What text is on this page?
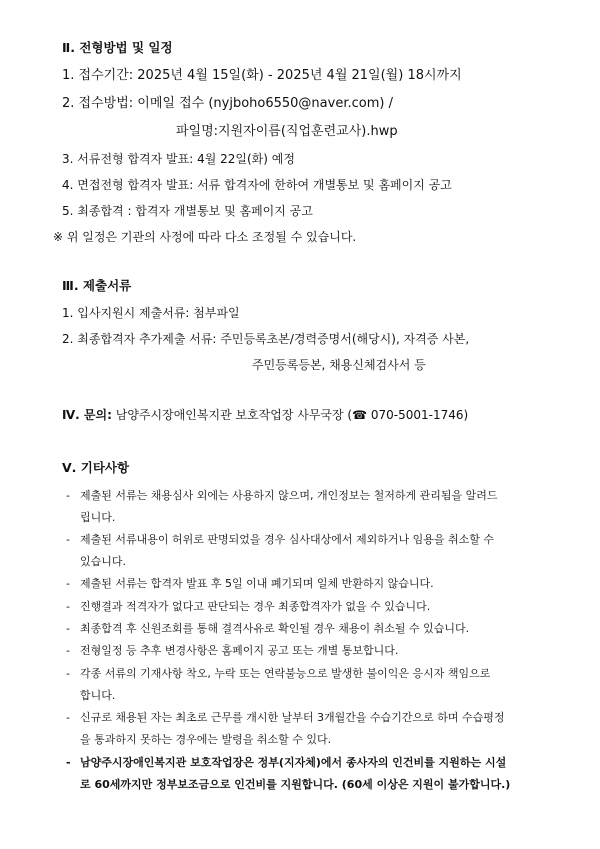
Ⅱ. 전형방법 및 일정
1. 접수기간: 2025년 4월 15일(화) - 2025년 4월 21일(월) 18시까지
2. 접수방법: 이메일 접수 (nyjboho6550@naver.com) /
파일명:지원자이름(직업훈련교사).hwp
3. 서류전형 합격자 발표: 4월 22일(화) 예정
4. 면접전형 합격자 발표: 서류 합격자에 한하여 개별통보 및 홈페이지 공고
5. 최종합격 : 합격자 개별통보 및 홈페이지 공고
※ 위 일정은 기관의 사정에 따라 다소 조정될 수 있습니다.
Ⅲ. 제출서류
1. 입사지원시 제출서류: 첨부파일
2. 최종합격자 추가제출 서류: 주민등록초본/경력증명서(해당시), 자격증 사본,
주민등록등본, 채용신체검사서 등
Ⅳ. 문의: 남양주시장애인복지관 보호작업장 사무국장 (☎ 070-5001-1746)
Ⅴ. 기타사항
- 제출된 서류는 채용심사 외에는 사용하지 않으며, 개인정보는 철저하게 관리됨을 알려드
립니다.
- 제출된 서류내용이 허위로 판명되었을 경우 심사대상에서 제외하거나 임용을 취소할 수
있습니다.
- 제출된 서류는 합격자 발표 후 5일 이내 폐기되며 일체 반환하지 않습니다.
- 진행결과 적격자가 없다고 판단되는 경우 최종합격자가 없을 수 있습니다.
- 최종합격 후 신원조회를 통해 결격사유로 확인될 경우 채용이 취소될 수 있습니다.
- 전형일정 등 추후 변경사항은 홈페이지 공고 또는 개별 통보합니다.
- 각종 서류의 기재사항 착오, 누락 또는 연락불능으로 발생한 불이익은 응시자 책임으로
합니다.
- 신규로 채용된 자는 최초로 근무를 개시한 날부터 3개월간을 수습기간으로 하며 수습평정
을 통과하지 못하는 경우에는 발령을 취소할 수 있다.
- 남양주시장애인복지관 보호작업장은 정부(지자체)에서 종사자의 인건비를 지원하는 시설
로 60세까지만 정부보조금으로 인건비를 지원합니다. (60세 이상은 지원이 불가합니다.)
